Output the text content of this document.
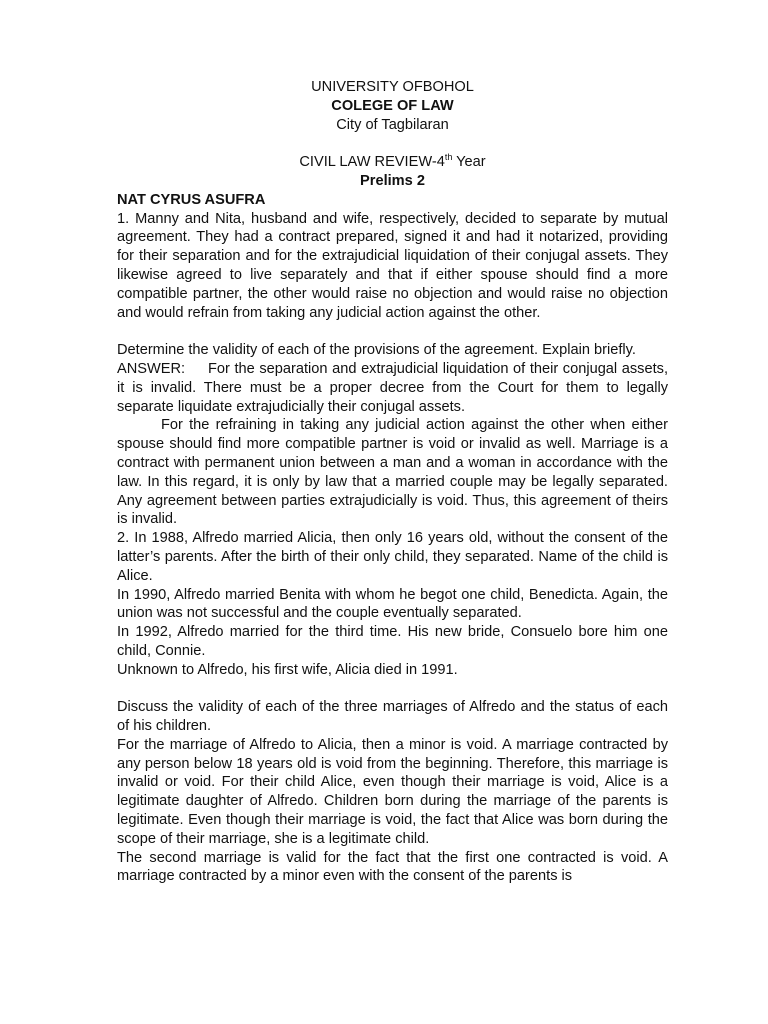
UNIVERSITY OFBOHOL
COLEGE OF LAW
City of Tagbilaran
CIVIL LAW REVIEW-4th Year
Prelims 2
NAT CYRUS ASUFRA

1. Manny and Nita, husband and wife, respectively, decided to separate by mutual agreement. They had a contract prepared, signed it and had it notarized, providing for their separation and for the extrajudicial liquidation of their conjugal assets. They likewise agreed to live separately and that if either spouse should find a more compatible partner, the other would raise no objection and would raise no objection and would refrain from taking any judicial action against the other.

Determine the validity of each of the provisions of the agreement. Explain briefly.

ANSWER: For the separation and extrajudicial liquidation of their conjugal assets, it is invalid. There must be a proper decree from the Court for them to legally separate liquidate extrajudicially their conjugal assets.

For the refraining in taking any judicial action against the other when either spouse should find more compatible partner is void or invalid as well. Marriage is a contract with permanent union between a man and a woman in accordance with the law. In this regard, it is only by law that a married couple may be legally separated. Any agreement between parties extrajudicially is void. Thus, this agreement of theirs is invalid.

2. In 1988, Alfredo married Alicia, then only 16 years old, without the consent of the latter’s parents. After the birth of their only child, they separated. Name of the child is Alice.

In 1990, Alfredo married Benita with whom he begot one child, Benedicta. Again, the union was not successful and the couple eventually separated.

In 1992, Alfredo married for the third time. His new bride, Consuelo bore him one child, Connie.

Unknown to Alfredo, his first wife, Alicia died in 1991.

Discuss the validity of each of the three marriages of Alfredo and the status of each of his children.

For the marriage of Alfredo to Alicia, then a minor is void. A marriage contracted by any person below 18 years old is void from the beginning. Therefore, this marriage is invalid or void. For their child Alice, even though their marriage is void, Alice is a legitimate daughter of Alfredo. Children born during the marriage of the parents is legitimate. Even though their marriage is void, the fact that Alice was born during the scope of their marriage, she is a legitimate child.

The second marriage is valid for the fact that the first one contracted is void. A marriage contracted by a minor even with the consent of the parents is
